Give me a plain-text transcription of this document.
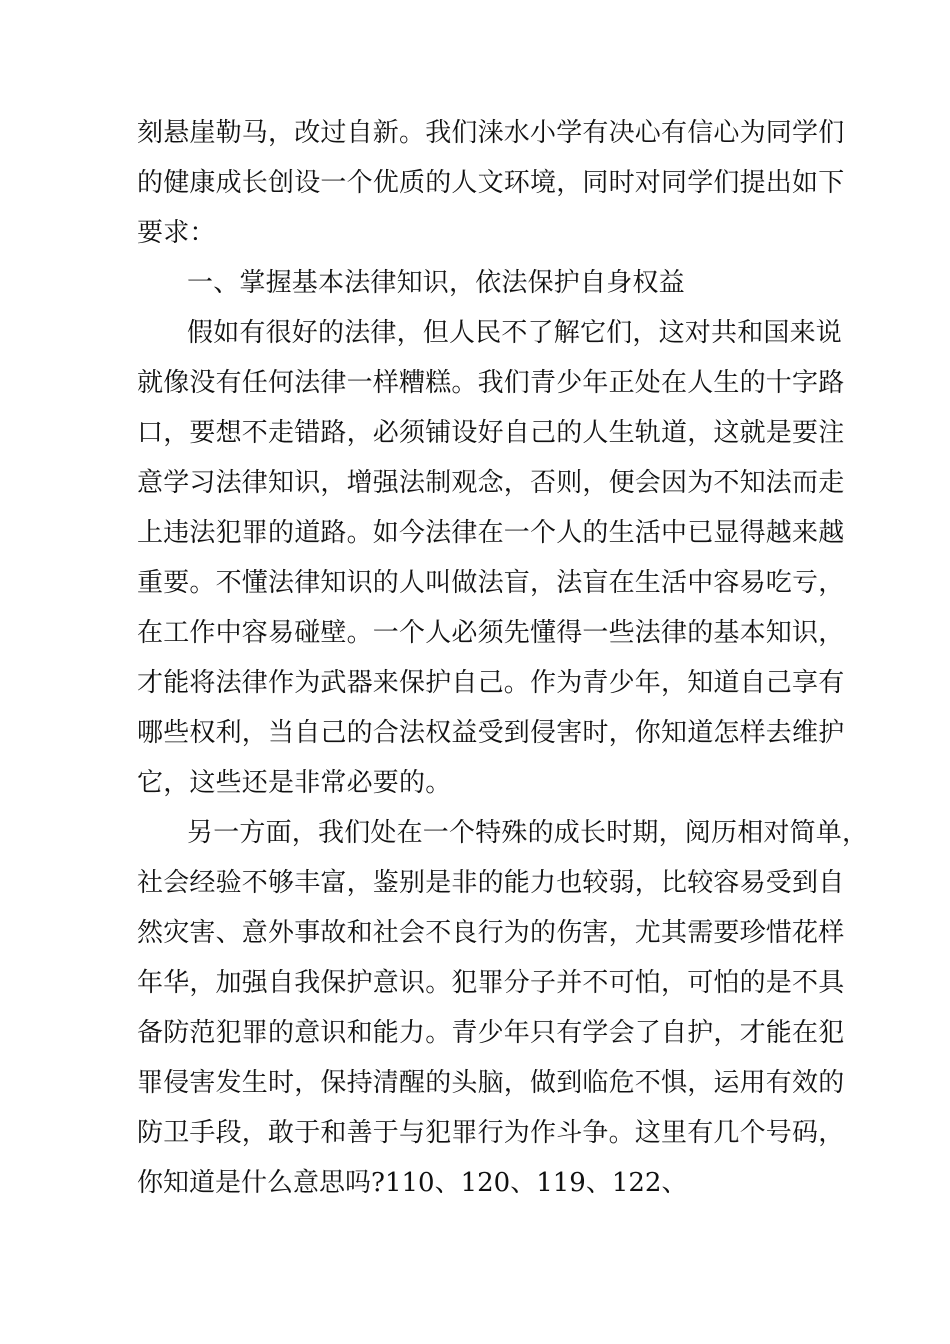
刻悬崖勒马，改过自新。我们涞水小学有决心有信心为同学们
的健康成长创设一个优质的人文环境，同时对同学们提出如下
要求：
一、掌握基本法律知识，依法保护自身权益
假如有很好的法律，但人民不了解它们，这对共和国来说
就像没有任何法律一样糟糕。我们青少年正处在人生的十字路
口，要想不走错路，必须铺设好自己的人生轨道，这就是要注
意学习法律知识，增强法制观念，否则，便会因为不知法而走
上违法犯罪的道路。如今法律在一个人的生活中已显得越来越
重要。不懂法律知识的人叫做法盲，法盲在生活中容易吃亏，
在工作中容易碰壁。一个人必须先懂得一些法律的基本知识，
才能将法律作为武器来保护自己。作为青少年，知道自己享有
哪些权利，当自己的合法权益受到侵害时，你知道怎样去维护
它，这些还是非常必要的。
另一方面，我们处在一个特殊的成长时期，阅历相对简单，
社会经验不够丰富，鉴别是非的能力也较弱，比较容易受到自
然灾害、意外事故和社会不良行为的伤害，尤其需要珍惜花样
年华，加强自我保护意识。犯罪分子并不可怕，可怕的是不具
备防范犯罪的意识和能力。青少年只有学会了自护，才能在犯
罪侵害发生时，保持清醒的头脑，做到临危不惧，运用有效的
防卫手段，敢于和善于与犯罪行为作斗争。这里有几个号码，
你知道是什么意思吗?110、120、119、122、
